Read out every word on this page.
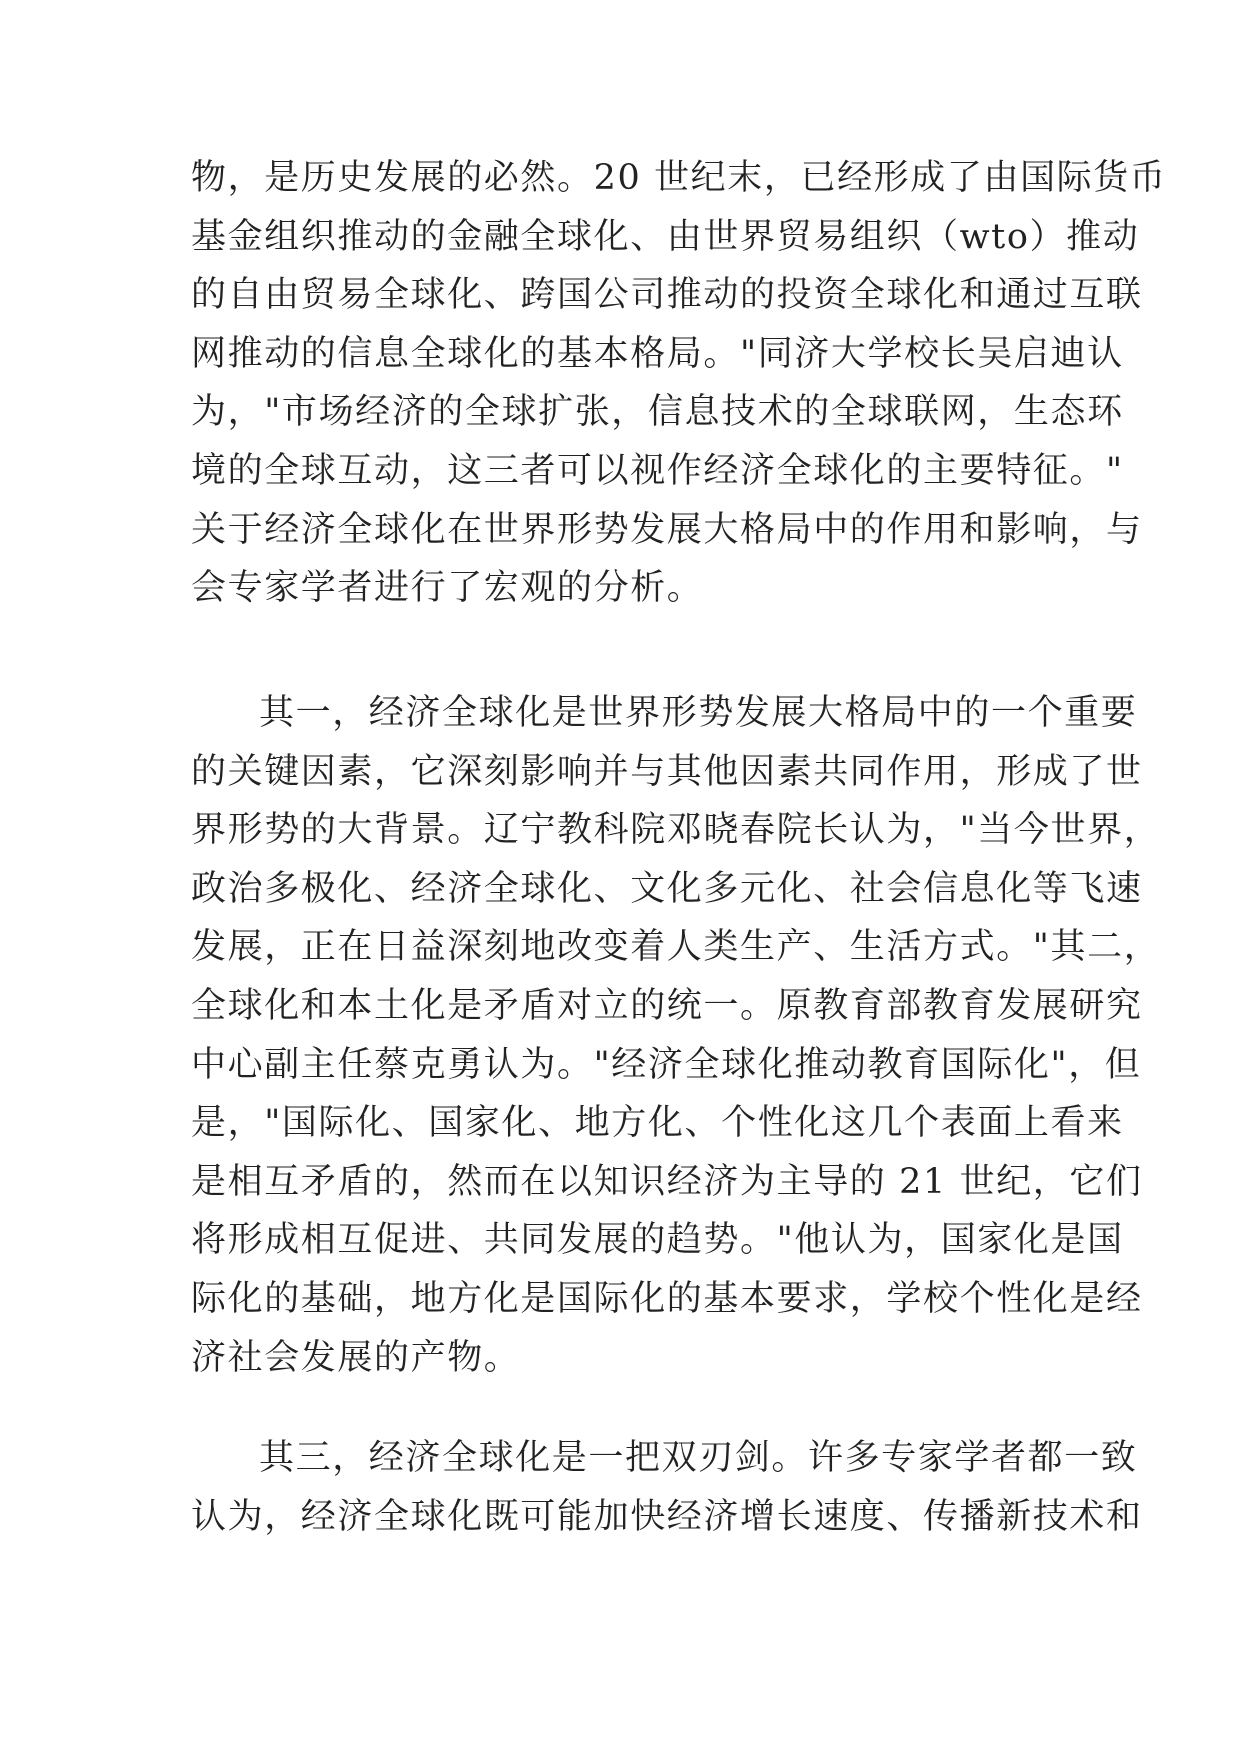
物，是历史发展的必然。20 世纪末，已经形成了由国际货币
基金组织推动的金融全球化、由世界贸易组织（wto）推动
的自由贸易全球化、跨国公司推动的投资全球化和通过互联
网推动的信息全球化的基本格局。"同济大学校长吴启迪认
为，"市场经济的全球扩张，信息技术的全球联网，生态环
境的全球互动，这三者可以视作经济全球化的主要特征。"
关于经济全球化在世界形势发展大格局中的作用和影响，与
会专家学者进行了宏观的分析。
其一，经济全球化是世界形势发展大格局中的一个重要
的关键因素，它深刻影响并与其他因素共同作用，形成了世
界形势的大背景。辽宁教科院邓晓春院长认为，"当今世界，
政治多极化、经济全球化、文化多元化、社会信息化等飞速
发展，正在日益深刻地改变着人类生产、生活方式。"其二，
全球化和本土化是矛盾对立的统一。原教育部教育发展研究
中心副主任蔡克勇认为。"经济全球化推动教育国际化"，但
是，"国际化、国家化、地方化、个性化这几个表面上看来
是相互矛盾的，然而在以知识经济为主导的 21 世纪，它们
将形成相互促进、共同发展的趋势。"他认为，国家化是国
际化的基础，地方化是国际化的基本要求，学校个性化是经
济社会发展的产物。
其三，经济全球化是一把双刃剑。许多专家学者都一致
认为，经济全球化既可能加快经济增长速度、传播新技术和
